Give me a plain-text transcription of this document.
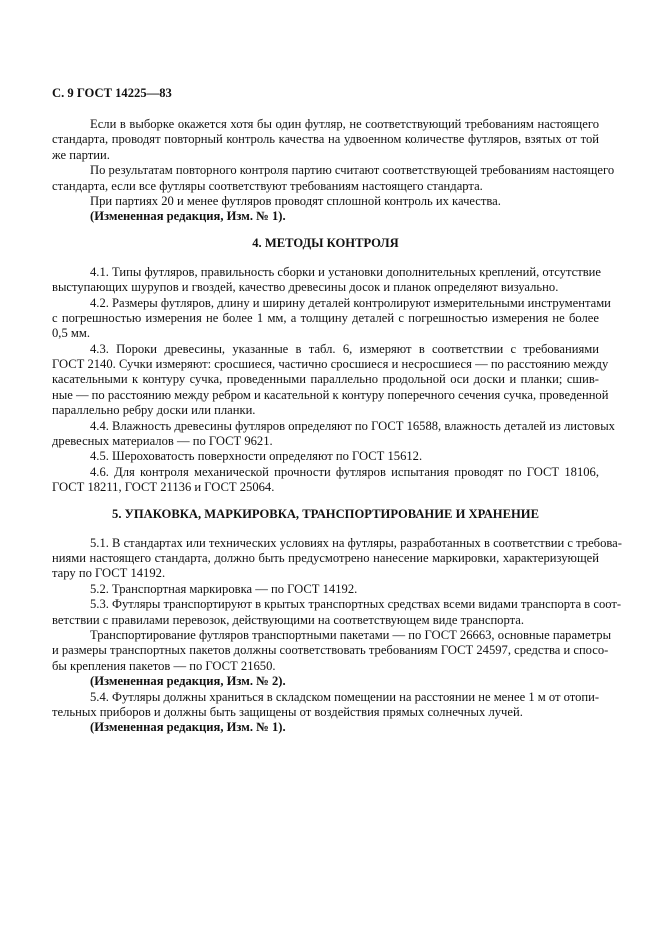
С. 9 ГОСТ 14225—83
Если в выборке окажется хотя бы один футляр, не соответствующий требованиям настоящего
стандарта, проводят повторный контроль качества на удвоенном количестве футляров, взятых от той
же партии.
По результатам повторного контроля партию считают соответствующей требованиям настоящего
стандарта, если все футляры соответствуют требованиям настоящего стандарта.
При партиях 20 и менее футляров проводят сплошной контроль их качества.
(Измененная редакция, Изм. № 1).
4. МЕТОДЫ КОНТРОЛЯ
4.1. Типы футляров, правильность сборки и установки дополнительных креплений, отсутствие
выступающих шурупов и гвоздей, качество древесины досок и планок определяют визуально.
4.2. Размеры футляров, длину и ширину деталей контролируют измерительными инструментами
с погрешностью измерения не более 1 мм, а толщину деталей с погрешностью измерения не более
0,5 мм.
4.3. Пороки древесины, указанные в табл. 6, измеряют в соответствии с требованиями
ГОСТ 2140. Сучки измеряют: сросшиеся, частично сросшиеся и несросшиеся — по расстоянию между
касательными к контуру сучка, проведенными параллельно продольной оси доски и планки; сшив-
ные — по расстоянию между ребром и касательной к контуру поперечного сечения сучка, проведенной
параллельно ребру доски или планки.
4.4. Влажность древесины футляров определяют по ГОСТ 16588, влажность деталей из листовых
древесных материалов — по ГОСТ 9621.
4.5. Шероховатость поверхности определяют по ГОСТ 15612.
4.6. Для контроля механической прочности футляров испытания проводят по ГОСТ 18106,
ГОСТ 18211, ГОСТ 21136 и ГОСТ 25064.
5. УПАКОВКА, МАРКИРОВКА, ТРАНСПОРТИРОВАНИЕ И ХРАНЕНИЕ
5.1. В стандартах или технических условиях на футляры, разработанных в соответствии с требова-
ниями настоящего стандарта, должно быть предусмотрено нанесение маркировки, характеризующей
тару по ГОСТ 14192.
5.2. Транспортная маркировка — по ГОСТ 14192.
5.3. Футляры транспортируют в крытых транспортных средствах всеми видами транспорта в соот-
ветствии с правилами перевозок, действующими на соответствующем виде транспорта.
Транспортирование футляров транспортными пакетами — по ГОСТ 26663, основные параметры
и размеры транспортных пакетов должны соответствовать требованиям ГОСТ 24597, средства и спосо-
бы крепления пакетов — по ГОСТ 21650.
(Измененная редакция, Изм. № 2).
5.4. Футляры должны храниться в складском помещении на расстоянии не менее 1 м от отопи-
тельных приборов и должны быть защищены от воздействия прямых солнечных лучей.
(Измененная редакция, Изм. № 1).
